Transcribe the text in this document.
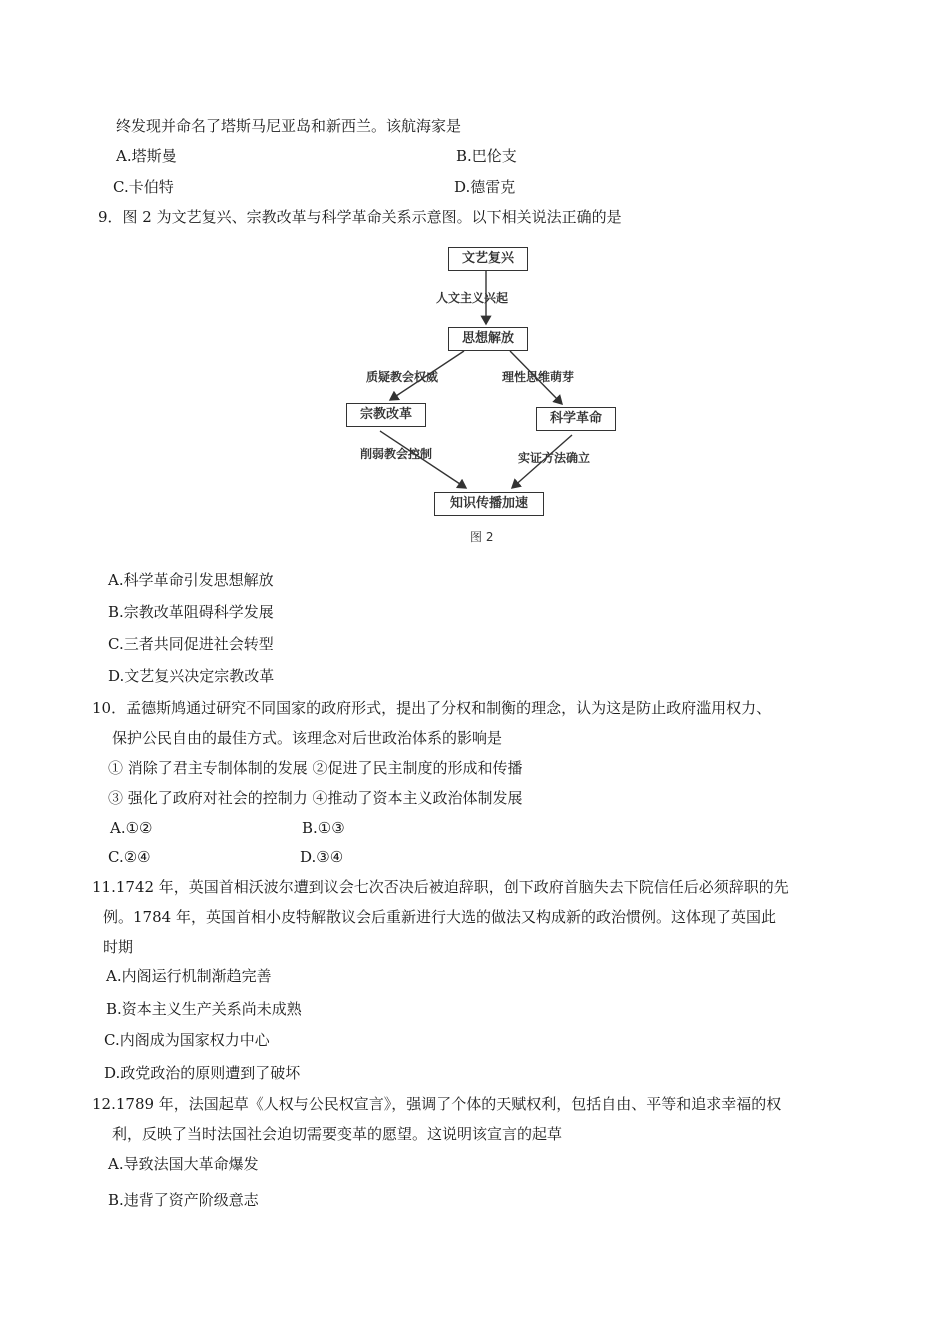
终发现并命名了塔斯马尼亚岛和新西兰。该航海家是
A.塔斯曼	B.巴伦支
C.卡伯特	D.德雷克
9．图 2 为文艺复兴、宗教改革与科学革命关系示意图。以下相关说法正确的是
文艺复兴
人文主义兴起
思想解放
质疑教会权威	理性思维萌芽
宗教改革	科学革命
削弱教会控制	实证方法确立
知识传播加速
图 2
A.科学革命引发思想解放
B.宗教改革阻碍科学发展
C.三者共同促进社会转型
D.文艺复兴决定宗教改革
10．孟德斯鸠通过研究不同国家的政府形式，提出了分权和制衡的理念，认为这是防止政府滥用权力、
保护公民自由的最佳方式。该理念对后世政治体系的影响是
① 消除了君主专制体制的发展 ②促进了民主制度的形成和传播
③ 强化了政府对社会的控制力 ④推动了资本主义政治体制发展
A.①②	B.①③
C.②④	D.③④
11.1742 年，英国首相沃波尔遭到议会七次否决后被迫辞职，创下政府首脑失去下院信任后必须辞职的先
例。1784 年，英国首相小皮特解散议会后重新进行大选的做法又构成新的政治惯例。这体现了英国此
时期
A.内阁运行机制渐趋完善
B.资本主义生产关系尚未成熟
C.内阁成为国家权力中心
D.政党政治的原则遭到了破坏
12.1789 年，法国起草《人权与公民权宣言》，强调了个体的天赋权利，包括自由、平等和追求幸福的权
利，反映了当时法国社会迫切需要变革的愿望。这说明该宣言的起草
A.导致法国大革命爆发
B.违背了资产阶级意志
